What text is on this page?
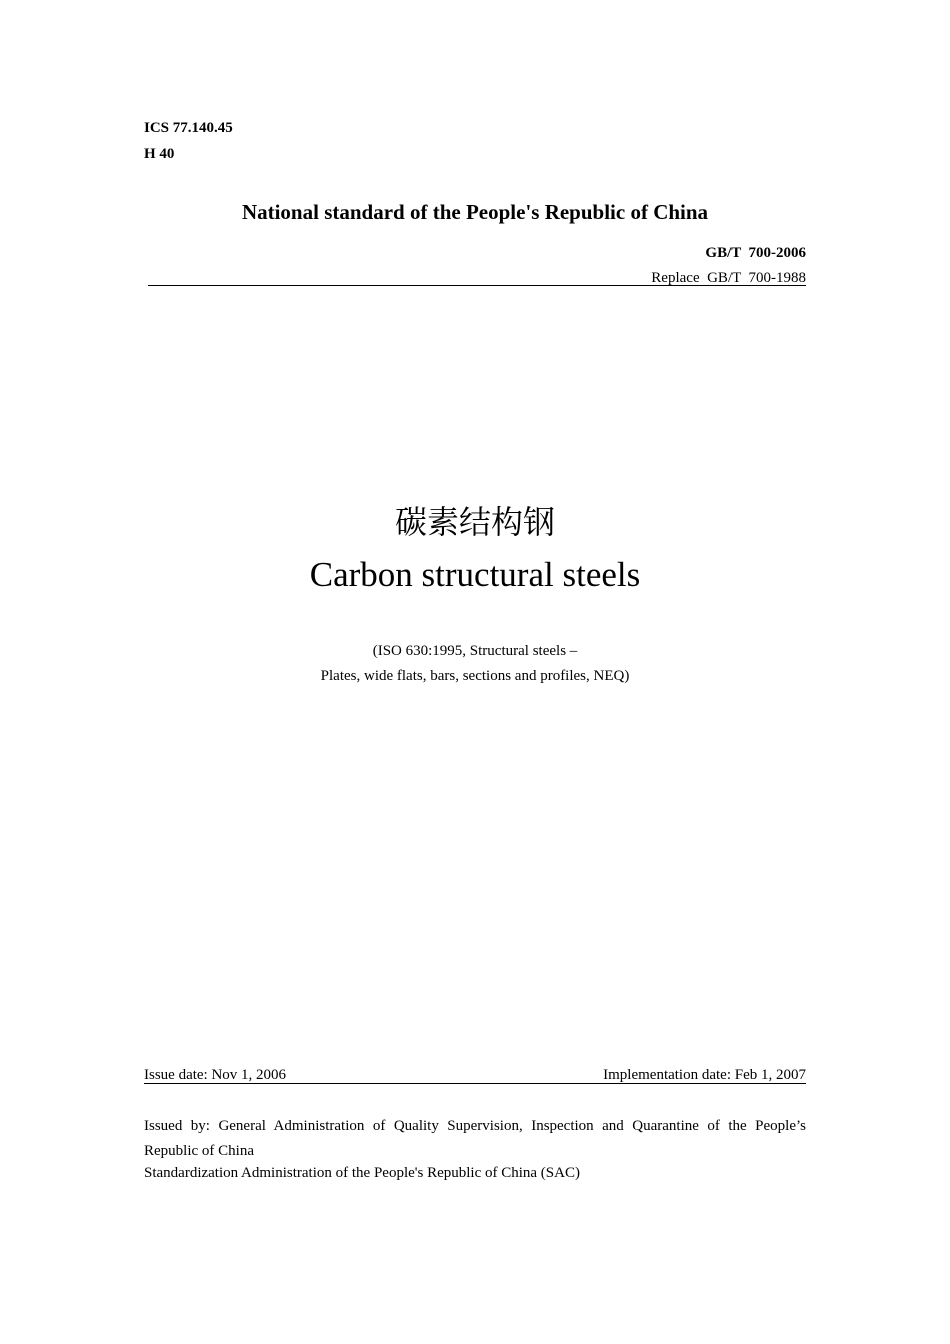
ICS 77.140.45
H 40
National standard of the People's Republic of China
GB/T  700-2006
Replace  GB/T  700-1988
碳素结构钢
Carbon structural steels
(ISO 630:1995, Structural steels –
Plates, wide flats, bars, sections and profiles, NEQ)
Issue date: Nov 1, 2006	Implementation date: Feb 1, 2007
Issued by: General Administration of Quality Supervision, Inspection and Quarantine of the People’s Republic of China
Standardization Administration of the People's Republic of China (SAC)
